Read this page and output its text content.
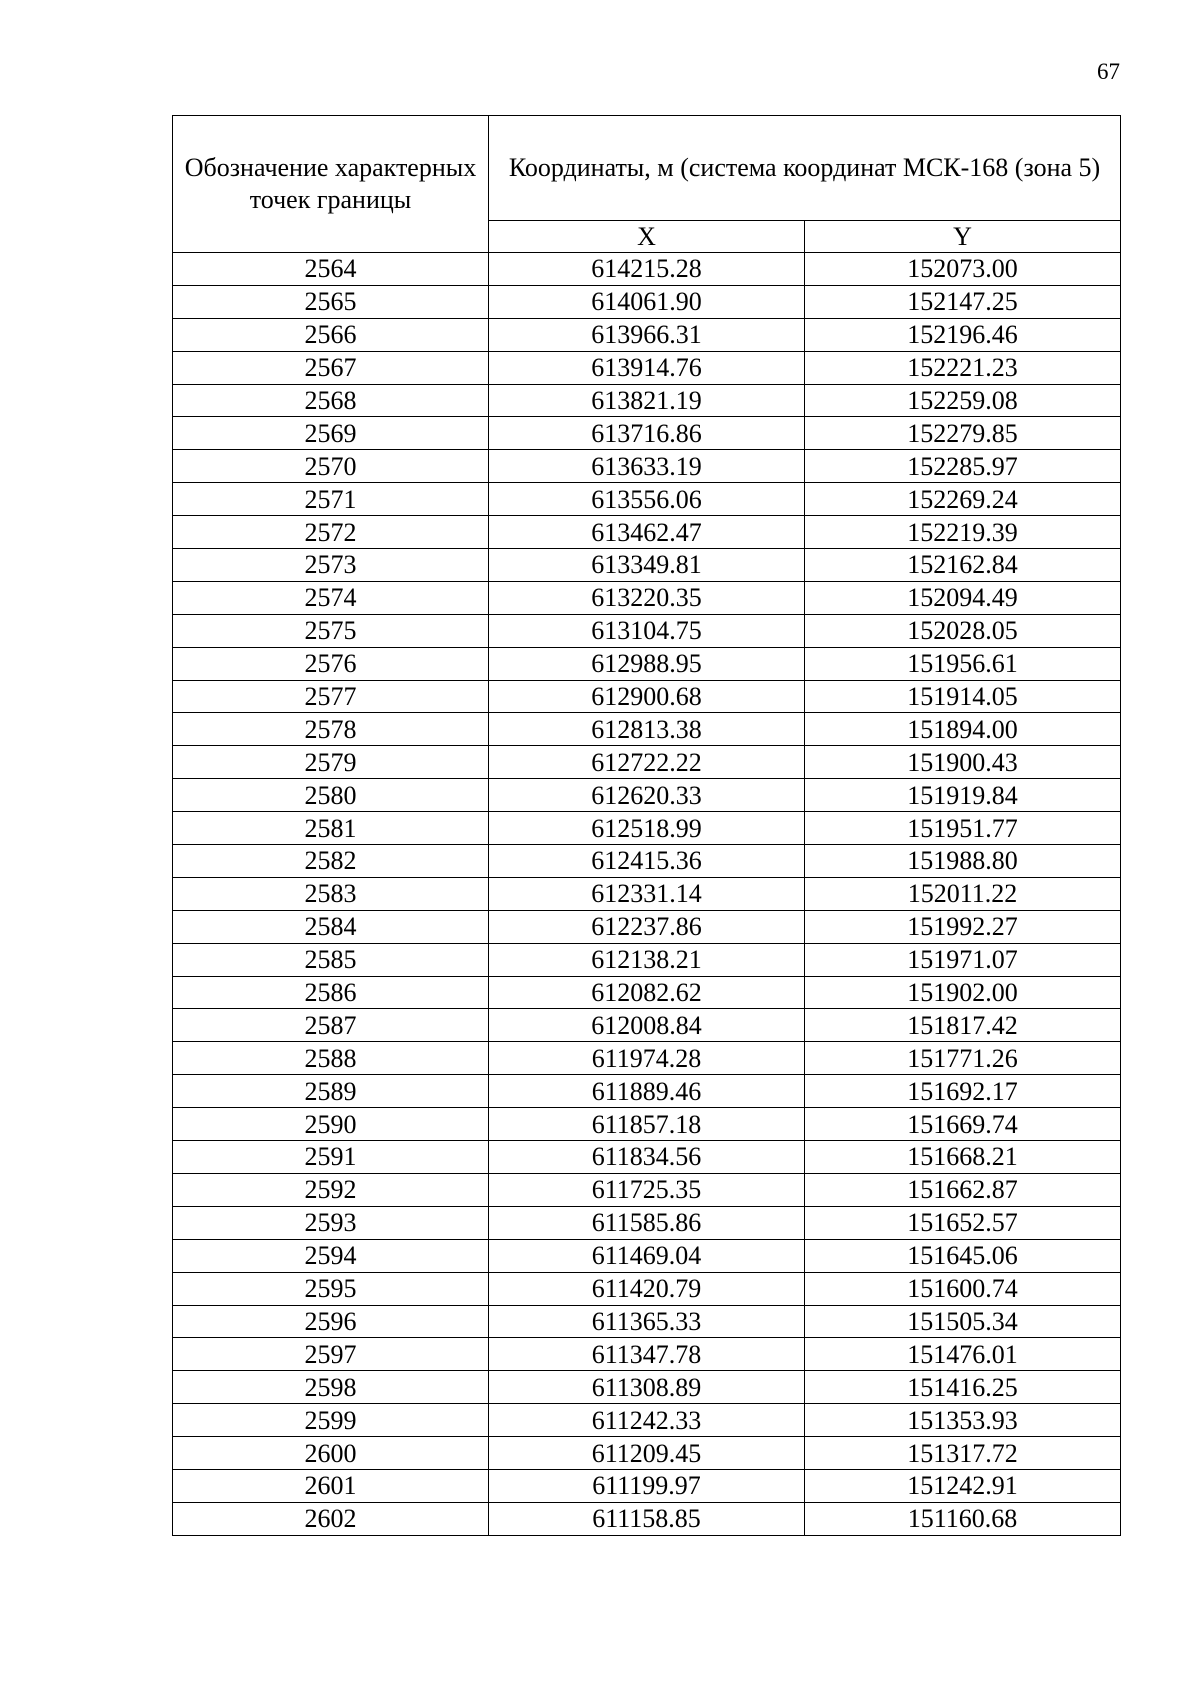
67
Обозначение характерных точек границы	Координаты, м (система координат МСК-168 (зона 5)	
	X	Y
2564	614215.28	152073.00
2565	614061.90	152147.25
2566	613966.31	152196.46
2567	613914.76	152221.23
2568	613821.19	152259.08
2569	613716.86	152279.85
2570	613633.19	152285.97
2571	613556.06	152269.24
2572	613462.47	152219.39
2573	613349.81	152162.84
2574	613220.35	152094.49
2575	613104.75	152028.05
2576	612988.95	151956.61
2577	612900.68	151914.05
2578	612813.38	151894.00
2579	612722.22	151900.43
2580	612620.33	151919.84
2581	612518.99	151951.77
2582	612415.36	151988.80
2583	612331.14	152011.22
2584	612237.86	151992.27
2585	612138.21	151971.07
2586	612082.62	151902.00
2587	612008.84	151817.42
2588	611974.28	151771.26
2589	611889.46	151692.17
2590	611857.18	151669.74
2591	611834.56	151668.21
2592	611725.35	151662.87
2593	611585.86	151652.57
2594	611469.04	151645.06
2595	611420.79	151600.74
2596	611365.33	151505.34
2597	611347.78	151476.01
2598	611308.89	151416.25
2599	611242.33	151353.93
2600	611209.45	151317.72
2601	611199.97	151242.91
2602	611158.85	151160.68
